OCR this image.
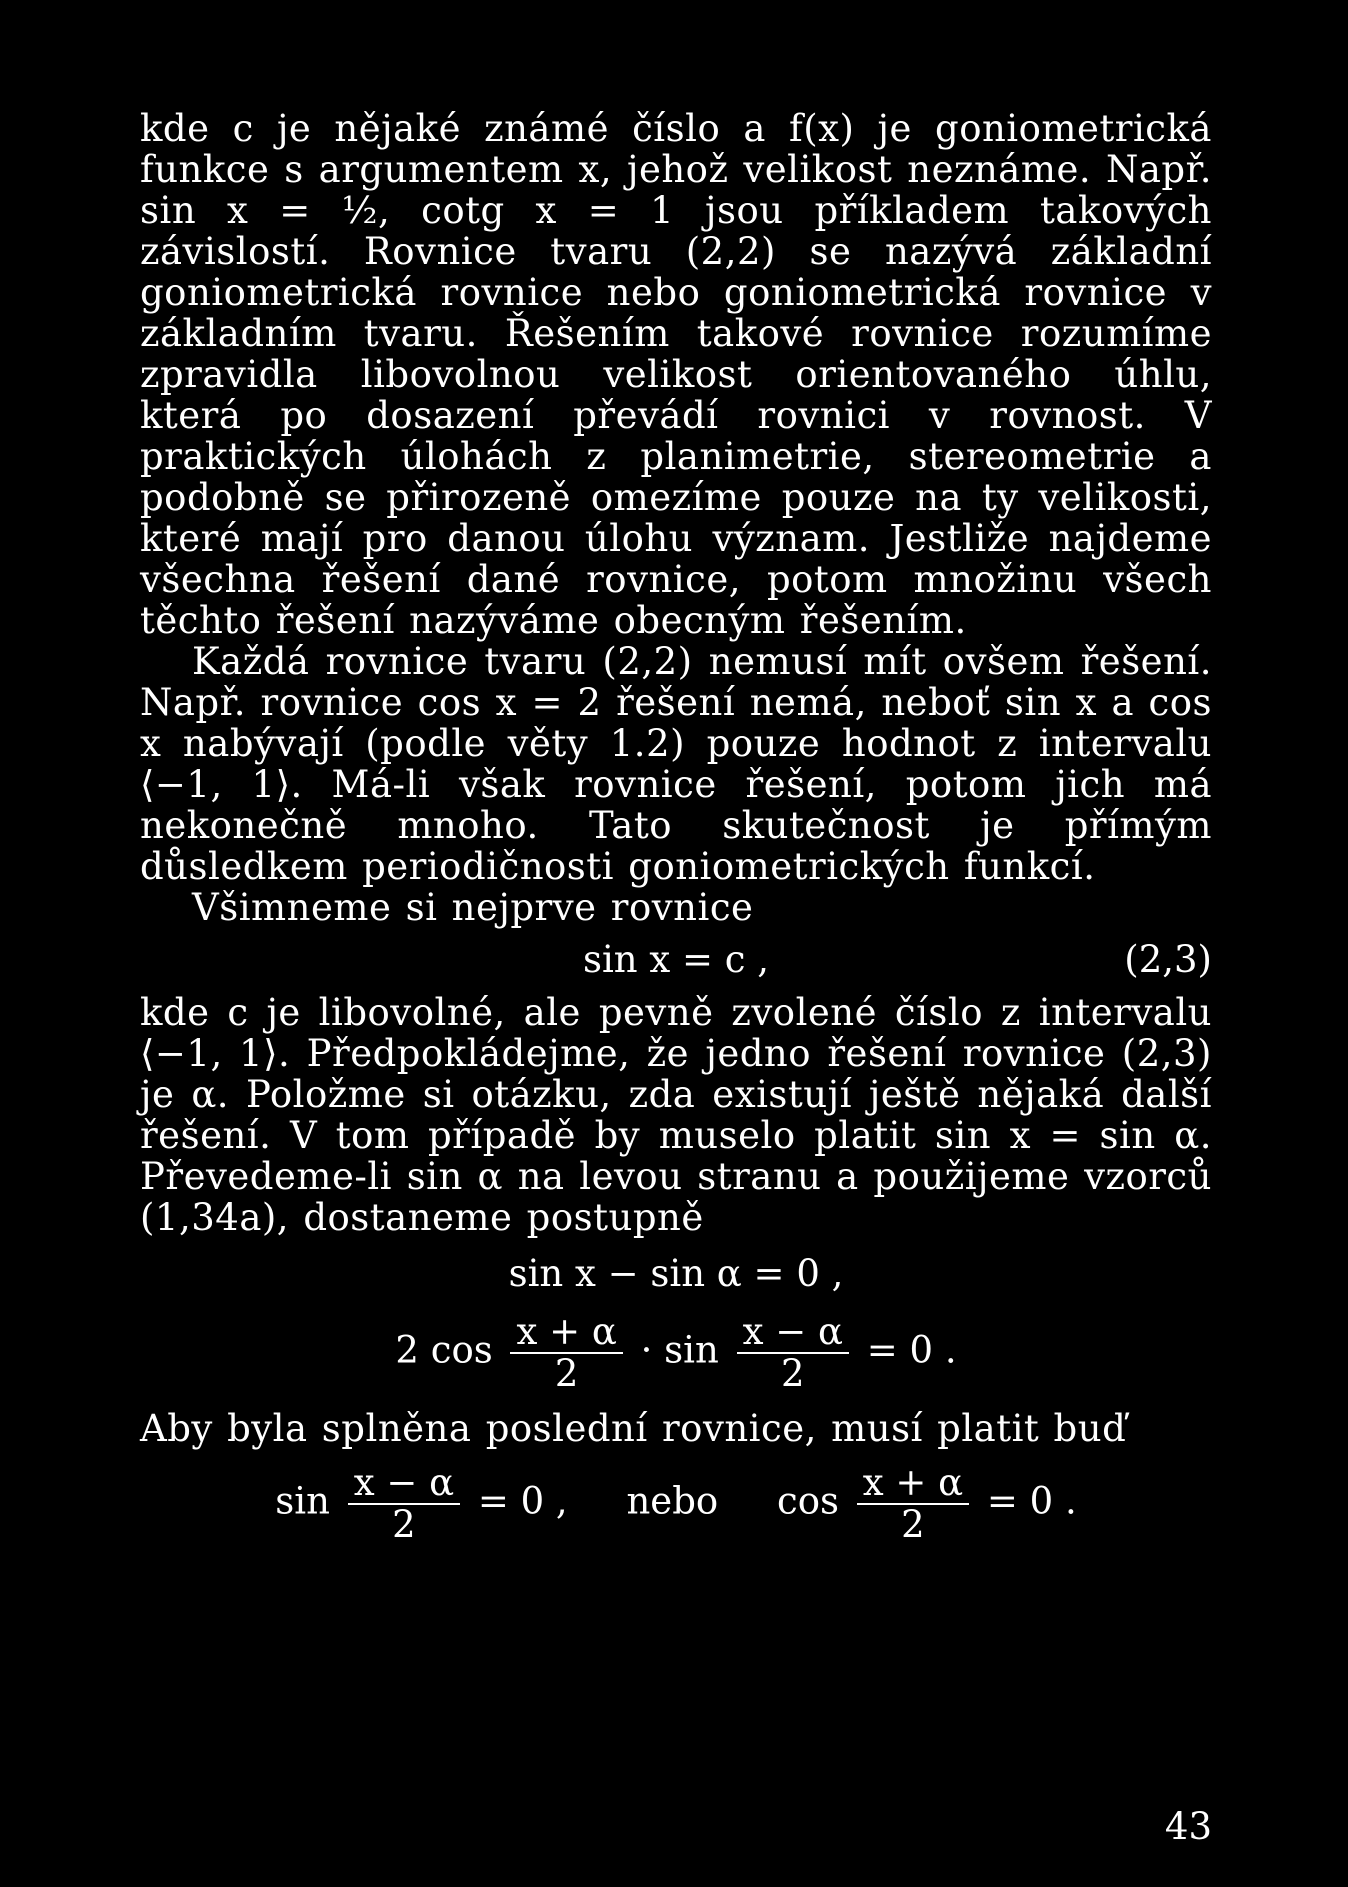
kde c je nějaké známé číslo a f(x) je goniometrická funkce s argumentem x, jehož velikost neznáme. Např. sin x = ½, cotg x = 1 jsou příkladem takových závislostí. Rovnice tvaru (2,2) se nazývá základní goniometrická rovnice nebo goniometrická rovnice v základním tvaru. Řešením takové rovnice rozumíme zpravidla libovolnou velikost orientovaného úhlu, která po dosazení převádí rovnici v rovnost. V praktických úlohách z planimetrie, stereometrie a podobně se přirozeně omezíme pouze na ty velikosti, které mají pro danou úlohu význam. Jestliže najdeme všechna řešení dané rovnice, potom množinu všech těchto řešení nazýváme obecným řešením.

Každá rovnice tvaru (2,2) nemusí mít ovšem řešení. Např. rovnice cos x = 2 řešení nemá, neboť sin x a cos x nabývají (podle věty 1.2) pouze hodnot z intervalu ⟨−1, 1⟩. Má-li však rovnice řešení, potom jich má nekonečně mnoho. Tato skutečnost je přímým důsledkem periodičnosti goniometrických funkcí.

Všimneme si nejprve rovnice

sin x = c ,	(2,3)

kde c je libovolné, ale pevně zvolené číslo z intervalu ⟨−1, 1⟩. Předpokládejme, že jedno řešení rovnice (2,3) je α. Položme si otázku, zda existují ještě nějaká další řešení. V tom případě by muselo platit sin x = sin α. Převedeme-li sin α na levou stranu a použijeme vzorců (1,34a), dostaneme postupně

sin x − sin α = 0 ,
2 $\cos \frac{x + \alpha}{2} \cdot \sin \frac{x - \alpha}{2} = 0$ .

Aby byla splněna poslední rovnice, musí platit buď

$\sin \frac{x - \alpha}{2} = 0$ ,     nebo     $\cos \frac{x + \alpha}{2} = 0$ .
43
